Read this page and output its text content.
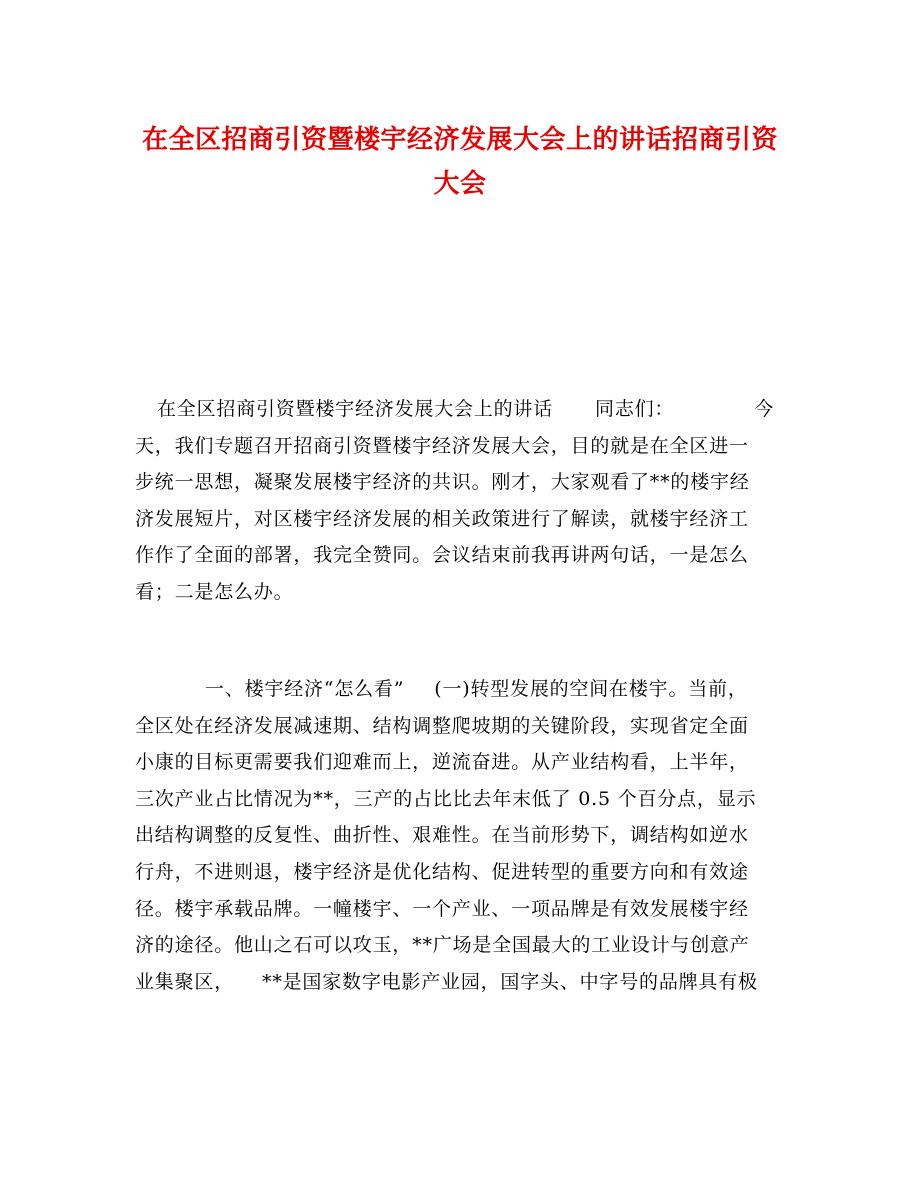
在全区招商引资暨楼宇经济发展大会上的讲话招商引资
大会
在全区招商引资暨楼宇经济发展大会上的讲话 同志们：	今
天，我们专题召开招商引资暨楼宇经济发展大会，目的就是在全区进一
步统一思想，凝聚发展楼宇经济的共识。刚才，大家观看了**的楼宇经
济发展短片，对区楼宇经济发展的相关政策进行了解读，就楼宇经济工
作作了全面的部署，我完全赞同。会议结束前我再讲两句话，一是怎么
看；二是怎么办。
一、楼宇经济“怎么看” (一)转型发展的空间在楼宇。当前，
全区处在经济发展减速期、结构调整爬坡期的关键阶段，实现省定全面
小康的目标更需要我们迎难而上，逆流奋进。从产业结构看，上半年，
三次产业占比情况为**，三产的占比比去年末低了 0.5 个百分点，显示
出结构调整的反复性、曲折性、艰难性。在当前形势下，调结构如逆水
行舟，不进则退，楼宇经济是优化结构、促进转型的重要方向和有效途
径。楼宇承载品牌。一幢楼宇、一个产业、一项品牌是有效发展楼宇经
济的途径。他山之石可以攻玉，**广场是全国最大的工业设计与创意产
业集聚区， **是国家数字电影产业园，国字头、中字号的品牌具有极
